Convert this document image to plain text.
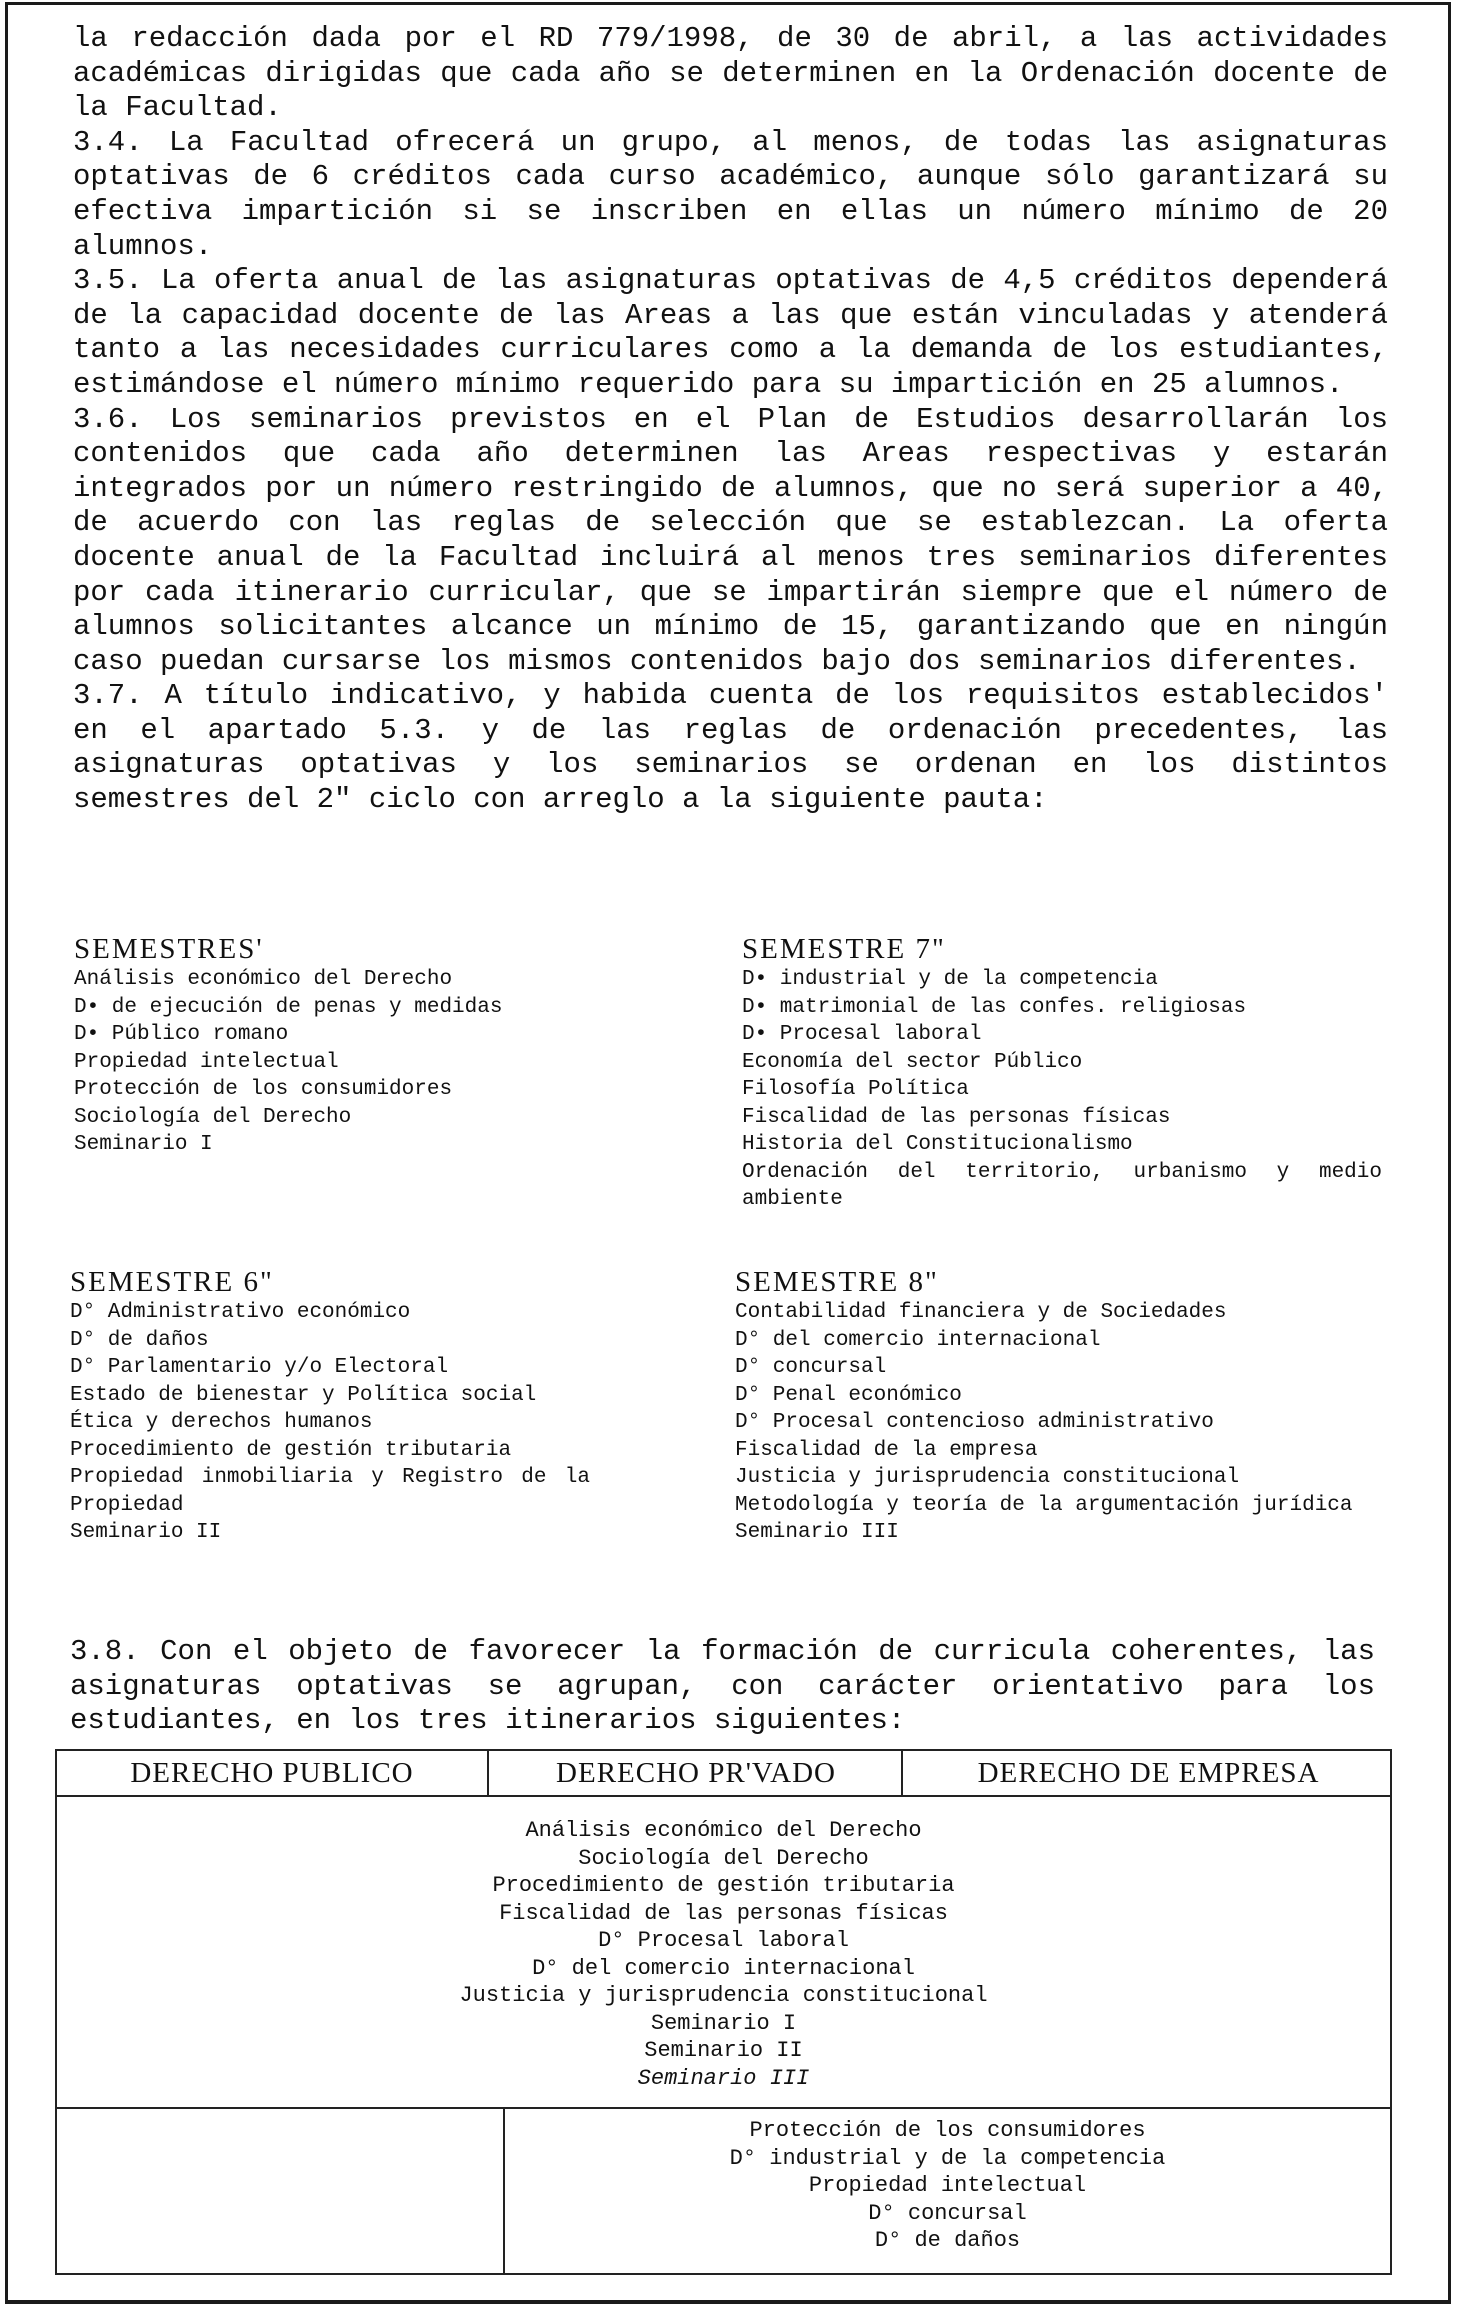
la redacción dada por el RD 779/1998, de 30 de abril, a las actividades académicas dirigidas que cada año se determinen en la Ordenación docente de la Facultad.

3.4. La Facultad ofrecerá un grupo, al menos, de todas las asignaturas optativas de 6 créditos cada curso académico, aunque sólo garantizará su efectiva impartición si se inscriben en ellas un número mínimo de 20 alumnos.

3.5. La oferta anual de las asignaturas optativas de 4,5 créditos dependerá de la capacidad docente de las Areas a las que están vinculadas y atenderá tanto a las necesidades curriculares como a la demanda de los estudiantes, estimándose el número mínimo requerido para su impartición en 25 alumnos.

3.6. Los seminarios previstos en el Plan de Estudios desarrollarán los contenidos que cada año determinen las Areas respectivas y estarán integrados por un número restringido de alumnos, que no será superior a 40, de acuerdo con las reglas de selección que se establezcan. La oferta docente anual de la Facultad incluirá al menos tres seminarios diferentes por cada itinerario curricular, que se impartirán siempre que el número de alumnos solicitantes alcance un mínimo de 15, garantizando que en ningún caso puedan cursarse los mismos contenidos bajo dos seminarios diferentes.

3.7. A título indicativo, y habida cuenta de los requisitos establecidos' en el apartado 5.3. y de las reglas de ordenación precedentes, las asignaturas optativas y los seminarios se ordenan en los distintos semestres del 2" ciclo con arreglo a la siguiente pauta:

SEMESTRES'
Análisis económico del Derecho
D• de ejecución de penas y medidas
D• Público romano
Propiedad intelectual
Protección de los consumidores
Sociología del Derecho
Seminario I
SEMESTRE 7"
D• industrial y de la competencia
D• matrimonial de las confes. religiosas
D• Procesal laboral
Economía del sector Público
Filosofía Política
Fiscalidad de las personas físicas
Historia del Constitucionalismo
Ordenación del territorio, urbanismo y medio ambiente
SEMESTRE 6"
D° Administrativo económico
D° de daños
D° Parlamentario y/o Electoral
Estado de bienestar y Política social
Ética y derechos humanos
Procedimiento de gestión tributaria
Propiedad inmobiliaria y Registro de la Propiedad
Seminario II
SEMESTRE 8"
Contabilidad financiera y de Sociedades
D° del comercio internacional
D° concursal
D° Penal económico
D° Procesal contencioso administrativo
Fiscalidad de la empresa
Justicia y jurisprudencia constitucional
Metodología y teoría de la argumentación jurídica
Seminario III

3.8. Con el objeto de favorecer la formación de curricula coherentes, las asignaturas optativas se agrupan, con carácter orientativo para los estudiantes, en los tres itinerarios siguientes:

DERECHO PUBLICO	DERECHO PR'VADO	DERECHO DE EMPRESA
Análisis económico del Derecho
Sociología del Derecho
Procedimiento de gestión tributaria
Fiscalidad de las personas físicas
D° Procesal laboral
D° del comercio internacional
Justicia y jurisprudencia constitucional
Seminario I
Seminario II
Seminario III
Protección de los consumidores
D° industrial y de la competencia
Propiedad intelectual
D° concursal
D° de daños
